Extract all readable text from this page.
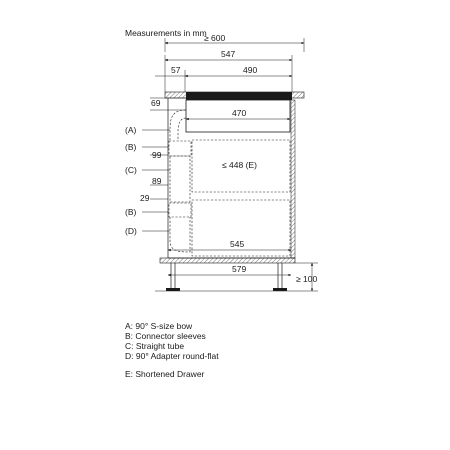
Measurements in mm
≥ 600
547
490
57
470
69
≤ 448 (E)
545
99
89
29
(A)
(B)
(C)
(B)
(D)
579
≥ 100
A: 90° S-size bow
B: Connector sleeves
C: Straight tube
D: 90° Adapter round-flat
E: Shortened Drawer
